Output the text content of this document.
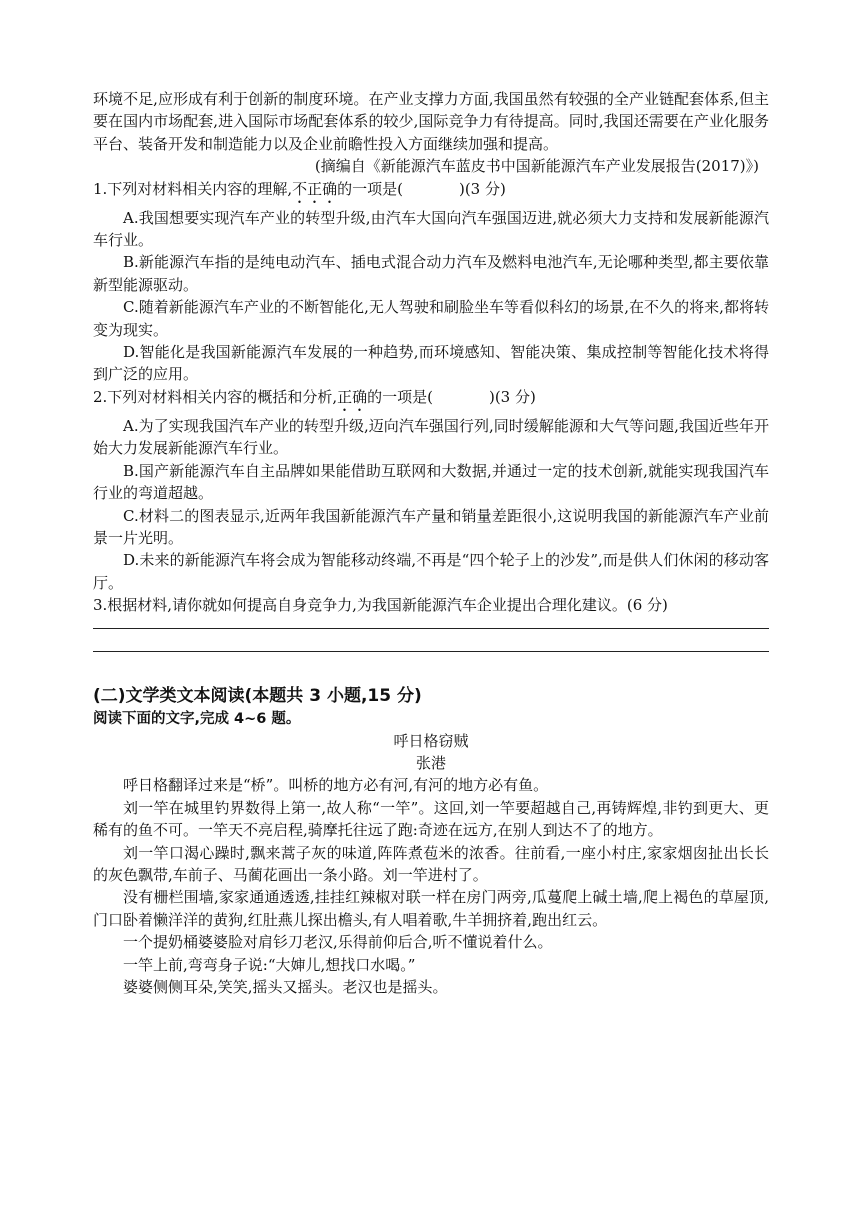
环境不足,应形成有利于创新的制度环境。在产业支撑力方面,我国虽然有较强的全产业链配套体系,但主要在国内市场配套,进入国际市场配套体系的较少,国际竞争力有待提高。同时,我国还需要在产业化服务平台、装备开发和制造能力以及企业前瞻性投入方面继续加强和提高。

(摘编自《新能源汽车蓝皮书中国新能源汽车产业发展报告(2017)》)

1.下列对材料相关内容的理解,不正确的一项是(	)(3 分)

A.我国想要实现汽车产业的转型升级,由汽车大国向汽车强国迈进,就必须大力支持和发展新能源汽车行业。

B.新能源汽车指的是纯电动汽车、插电式混合动力汽车及燃料电池汽车,无论哪种类型,都主要依靠新型能源驱动。

C.随着新能源汽车产业的不断智能化,无人驾驶和刷脸坐车等看似科幻的场景,在不久的将来,都将转变为现实。

D.智能化是我国新能源汽车发展的一种趋势,而环境感知、智能决策、集成控制等智能化技术将得到广泛的应用。

2.下列对材料相关内容的概括和分析,正确的一项是(	)(3 分)

A.为了实现我国汽车产业的转型升级,迈向汽车强国行列,同时缓解能源和大气等问题,我国近些年开始大力发展新能源汽车行业。

B.国产新能源汽车自主品牌如果能借助互联网和大数据,并通过一定的技术创新,就能实现我国汽车行业的弯道超越。

C.材料二的图表显示,近两年我国新能源汽车产量和销量差距很小,这说明我国的新能源汽车产业前景一片光明。

D.未来的新能源汽车将会成为智能移动终端,不再是“四个轮子上的沙发”,而是供人们休闲的移动客厅。

3.根据材料,请你就如何提高自身竞争力,为我国新能源汽车企业提出合理化建议。(6 分)

(二)文学类文本阅读(本题共 3 小题,15 分)

阅读下面的文字,完成 4~6 题。

呼日格窃贼

张港

呼日格翻译过来是“桥”。叫桥的地方必有河,有河的地方必有鱼。

刘一竿在城里钓界数得上第一,故人称“一竿”。这回,刘一竿要超越自己,再铸辉煌,非钓到更大、更稀有的鱼不可。一竿天不亮启程,骑摩托往远了跑:奇迹在远方,在别人到达不了的地方。

刘一竿口渴心躁时,飘来蒿子灰的味道,阵阵煮苞米的浓香。往前看,一座小村庄,家家烟囱扯出长长的灰色飘带,车前子、马蔺花画出一条小路。刘一竿进村了。

没有栅栏围墙,家家通通透透,挂挂红辣椒对联一样在房门两旁,瓜蔓爬上碱土墙,爬上褐色的草屋顶,门口卧着懒洋洋的黄狗,红肚燕儿探出檐头,有人唱着歌,牛羊拥挤着,跑出红云。

一个提奶桶婆婆脸对肩钐刀老汉,乐得前仰后合,听不懂说着什么。

一竿上前,弯弯身子说:“大婶儿,想找口水喝。”

婆婆侧侧耳朵,笑笑,摇头又摇头。老汉也是摇头。
